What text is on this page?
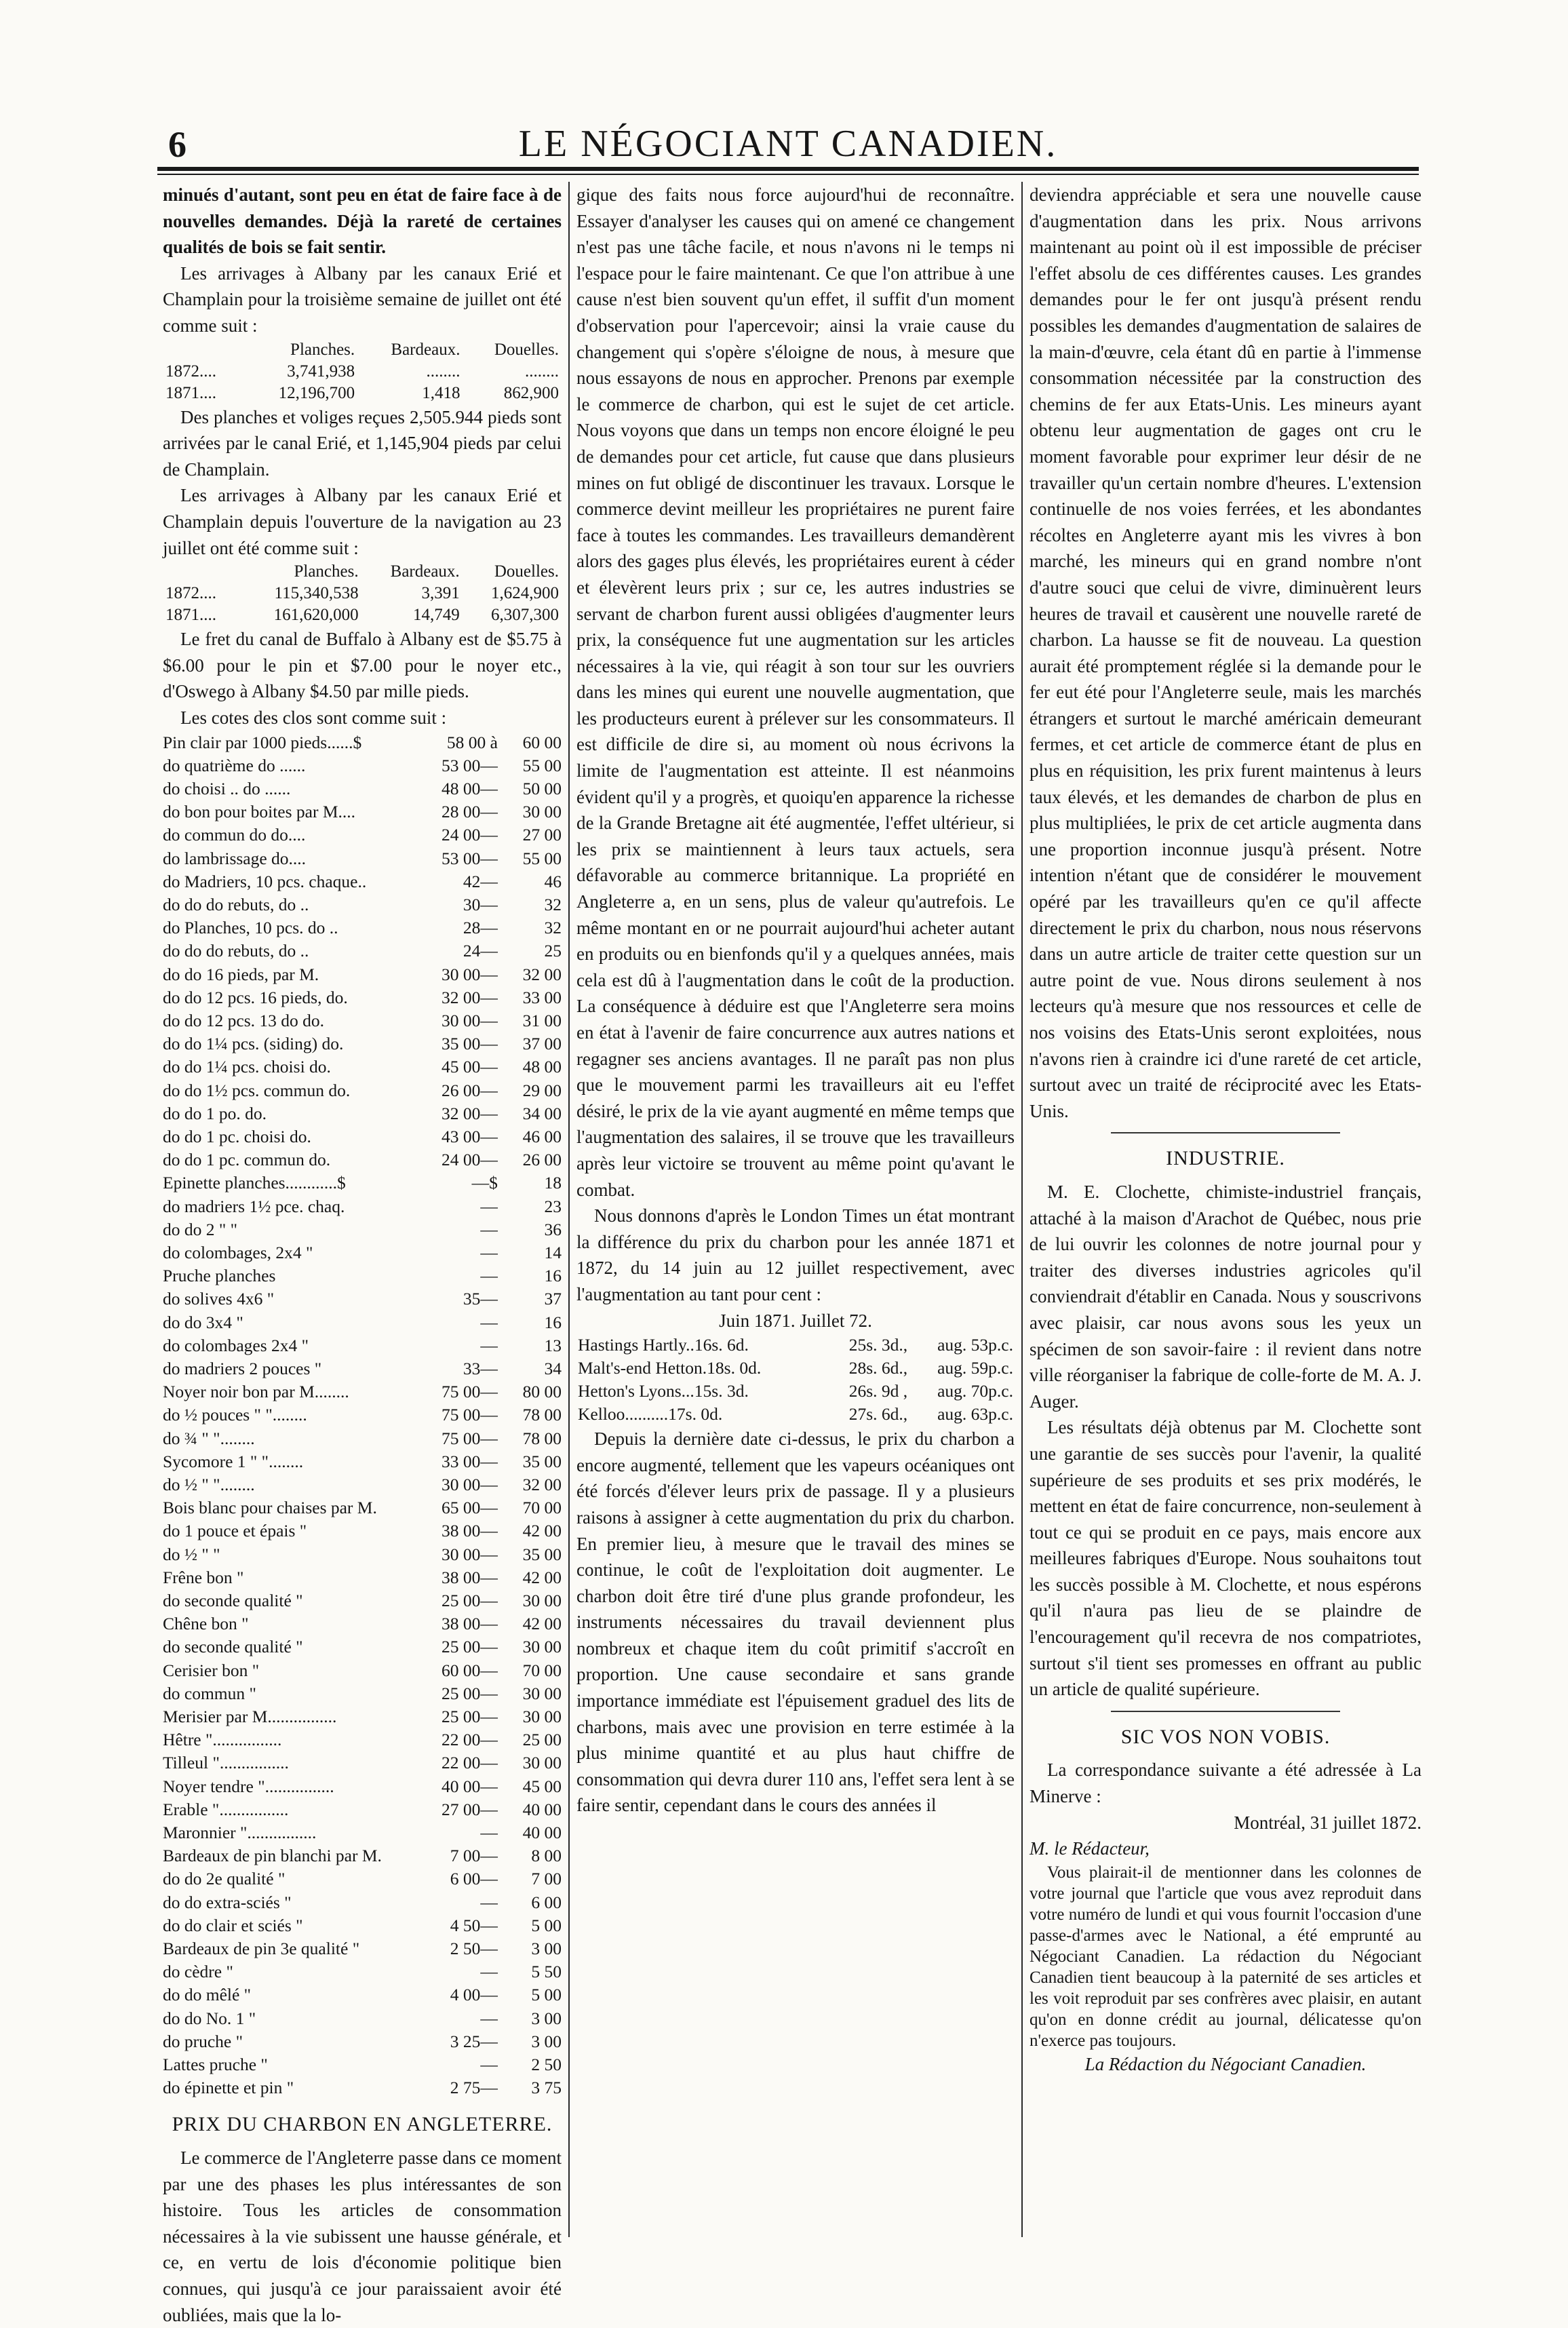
6	LE NÉGOCIANT CANADIEN.

minués d'autant, sont peu en état de faire face à de nouvelles demandes. Déjà la rareté de certaines qualités de bois se fait sentir.

Les arrivages à Albany par les canaux Erié et Champlain pour la troisième semaine de juillet ont été comme suit :

	Planches.	Bardeaux.	Douelles.
1872....	3,741,938	........	........
1871....	12,196,700	1,418	862,900

Des planches et voliges reçues 2,505.944 pieds sont arrivées par le canal Erié, et 1,145,904 pieds par celui de Champlain.

Les arrivages à Albany par les canaux Erié et Champlain depuis l'ouverture de la navigation au 23 juillet ont été comme suit :

	Planches.	Bardeaux.	Douelles.
1872....	115,340,538	3,391	1,624,900
1871....	161,620,000	14,749	6,307,300

Le fret du canal de Buffalo à Albany est de $5.75 à $6.00 pour le pin et $7.00 pour le noyer etc., d'Oswego à Albany $4.50 par mille pieds.

Les cotes des clos sont comme suit :

Pin clair par 1000 pieds......$	58 00 à	60 00
do quatrième do ......	53 00—	55 00
do choisi .. do ......	48 00—	50 00
do bon pour boites par M....	28 00—	30 00
do commun do do....	24 00—	27 00
do lambrissage do....	53 00—	55 00
do Madriers, 10 pcs. chaque..	42—	46
do do do rebuts, do ..	30—	32
do Planches, 10 pcs. do ..	28—	32
do do do rebuts, do ..	24—	25
do do 16 pieds, par M.	30 00—	32 00
do do 12 pcs. 16 pieds, do.	32 00—	33 00
do do 12 pcs. 13 do do.	30 00—	31 00
do do 1¼ pcs. (siding) do.	35 00—	37 00
do do 1¼ pcs. choisi do.	45 00—	48 00
do do 1½ pcs. commun do.	26 00—	29 00
do do 1 po. do.	32 00—	34 00
do do 1 pc. choisi do.	43 00—	46 00
do do 1 pc. commun do.	24 00—	26 00
Epinette planches............$	—$	18
do madriers 1½ pce. chaq.	—	23
do do 2 " "	—	36
do colombages, 2x4 "	—	14
Pruche planches	—	16
do solives 4x6 "	35—	37
do do 3x4 "	—	16
do colombages 2x4 "	—	13
do madriers 2 pouces "	33—	34
Noyer noir bon par M........	75 00—	80 00
do ½ pouces " "........	75 00—	78 00
do ¾ " "........	75 00—	78 00
Sycomore 1 " "........	33 00—	35 00
do ½ " "........	30 00—	32 00
Bois blanc pour chaises par M.	65 00—	70 00
do 1 pouce et épais "	38 00—	42 00
do ½ " "	30 00—	35 00
Frêne bon "	38 00—	42 00
do seconde qualité "	25 00—	30 00
Chêne bon "	38 00—	42 00
do seconde qualité "	25 00—	30 00
Cerisier bon "	60 00—	70 00
do commun "	25 00—	30 00
Merisier par M................	25 00—	30 00
Hêtre "................	22 00—	25 00
Tilleul "................	22 00—	30 00
Noyer tendre "................	40 00—	45 00
Erable "................	27 00—	40 00
Maronnier "................	—	40 00
Bardeaux de pin blanchi par M.	7 00—	8 00
do do 2e qualité "	6 00—	7 00
do do extra-sciés "	—	6 00
do do clair et sciés "	4 50—	5 00
Bardeaux de pin 3e qualité "	2 50—	3 00
do cèdre "	—	5 50
do do mêlé "	4 00—	5 00
do do No. 1 "	—	3 00
do pruche "	3 25—	3 00
Lattes pruche "	—	2 50
do épinette et pin "	2 75—	3 75
PRIX DU CHARBON EN ANGLETERRE.

Le commerce de l'Angleterre passe dans ce moment par une des phases les plus intéressantes de son histoire. Tous les articles de consommation nécessaires à la vie subissent une hausse générale, et ce, en vertu de lois d'économie politique bien connues, qui jusqu'à ce jour paraissaient avoir été oubliées, mais que la lo-

gique des faits nous force aujourd'hui de reconnaître. Essayer d'analyser les causes qui on amené ce changement n'est pas une tâche facile, et nous n'avons ni le temps ni l'espace pour le faire maintenant. Ce que l'on attribue à une cause n'est bien souvent qu'un effet, il suffit d'un moment d'observation pour l'apercevoir; ainsi la vraie cause du changement qui s'opère s'éloigne de nous, à mesure que nous essayons de nous en approcher. Prenons par exemple le commerce de charbon, qui est le sujet de cet article. Nous voyons que dans un temps non encore éloigné le peu de demandes pour cet article, fut cause que dans plusieurs mines on fut obligé de discontinuer les travaux. Lorsque le commerce devint meilleur les propriétaires ne purent faire face à toutes les commandes. Les travailleurs demandèrent alors des gages plus élevés, les propriétaires eurent à céder et élevèrent leurs prix ; sur ce, les autres industries se servant de charbon furent aussi obligées d'augmenter leurs prix, la conséquence fut une augmentation sur les articles nécessaires à la vie, qui réagit à son tour sur les ouvriers dans les mines qui eurent une nouvelle augmentation, que les producteurs eurent à prélever sur les consommateurs. Il est difficile de dire si, au moment où nous écrivons la limite de l'augmentation est atteinte. Il est néanmoins évident qu'il y a progrès, et quoiqu'en apparence la richesse de la Grande Bretagne ait été augmentée, l'effet ultérieur, si les prix se maintiennent à leurs taux actuels, sera défavorable au commerce britannique. La propriété en Angleterre a, en un sens, plus de valeur qu'autrefois. Le même montant en or ne pourrait aujourd'hui acheter autant en produits ou en bienfonds qu'il y a quelques années, mais cela est dû à l'augmentation dans le coût de la production. La conséquence à déduire est que l'Angleterre sera moins en état à l'avenir de faire concurrence aux autres nations et regagner ses anciens avantages. Il ne paraît pas non plus que le mouvement parmi les travailleurs ait eu l'effet désiré, le prix de la vie ayant augmenté en même temps que l'augmentation des salaires, il se trouve que les travailleurs après leur victoire se trouvent au même point qu'avant le combat.

Nous donnons d'après le London Times un état montrant la différence du prix du charbon pour les année 1871 et 1872, du 14 juin au 12 juillet respectivement, avec l'augmentation au tant pour cent :

Juin 1871. Juillet 72.

Hastings Hartly..16s. 6d.	25s. 3d.,	aug. 53p.c.
Malt's-end Hetton.18s. 0d.	28s. 6d.,	aug. 59p.c.
Hetton's Lyons...15s. 3d.	26s. 9d ,	aug. 70p.c.
Kelloo..........17s. 0d.	27s. 6d.,	aug. 63p.c.

Depuis la dernière date ci-dessus, le prix du charbon a encore augmenté, tellement que les vapeurs océaniques ont été forcés d'élever leurs prix de passage. Il y a plusieurs raisons à assigner à cette augmentation du prix du charbon. En premier lieu, à mesure que le travail des mines se continue, le coût de l'exploitation doit augmenter. Le charbon doit être tiré d'une plus grande profondeur, les instruments nécessaires du travail deviennent plus nombreux et chaque item du coût primitif s'accroît en proportion. Une cause secondaire et sans grande importance immédiate est l'épuisement graduel des lits de charbons, mais avec une provision en terre estimée à la plus minime quantité et au plus haut chiffre de consommation qui devra durer 110 ans, l'effet sera lent à se faire sentir, cependant dans le cours des années il

deviendra appréciable et sera une nouvelle cause d'augmentation dans les prix. Nous arrivons maintenant au point où il est impossible de préciser l'effet absolu de ces différentes causes. Les grandes demandes pour le fer ont jusqu'à présent rendu possibles les demandes d'augmentation de salaires de la main-d'œuvre, cela étant dû en partie à l'immense consommation nécessitée par la construction des chemins de fer aux Etats-Unis. Les mineurs ayant obtenu leur augmentation de gages ont cru le moment favorable pour exprimer leur désir de ne travailler qu'un certain nombre d'heures. L'extension continuelle de nos voies ferrées, et les abondantes récoltes en Angleterre ayant mis les vivres à bon marché, les mineurs qui en grand nombre n'ont d'autre souci que celui de vivre, diminuèrent leurs heures de travail et causèrent une nouvelle rareté de charbon. La hausse se fit de nouveau. La question aurait été promptement réglée si la demande pour le fer eut été pour l'Angleterre seule, mais les marchés étrangers et surtout le marché américain demeurant fermes, et cet article de commerce étant de plus en plus en réquisition, les prix furent maintenus à leurs taux élevés, et les demandes de charbon de plus en plus multipliées, le prix de cet article augmenta dans une proportion inconnue jusqu'à présent. Notre intention n'étant que de considérer le mouvement opéré par les travailleurs qu'en ce qu'il affecte directement le prix du charbon, nous nous réservons dans un autre article de traiter cette question sur un autre point de vue. Nous dirons seulement à nos lecteurs qu'à mesure que nos ressources et celle de nos voisins des Etats-Unis seront exploitées, nous n'avons rien à craindre ici d'une rareté de cet article, surtout avec un traité de réciprocité avec les Etats-Unis.

INDUSTRIE.

M. E. Clochette, chimiste-industriel français, attaché à la maison d'Arachot de Québec, nous prie de lui ouvrir les colonnes de notre journal pour y traiter des diverses industries agricoles qu'il conviendrait d'établir en Canada. Nous y souscrivons avec plaisir, car nous avons sous les yeux un spécimen de son savoir-faire : il revient dans notre ville réorganiser la fabrique de colle-forte de M. A. J. Auger.

Les résultats déjà obtenus par M. Clochette sont une garantie de ses succès pour l'avenir, la qualité supérieure de ses produits et ses prix modérés, le mettent en état de faire concurrence, non-seulement à tout ce qui se produit en ce pays, mais encore aux meilleures fabriques d'Europe. Nous souhaitons tout les succès possible à M. Clochette, et nous espérons qu'il n'aura pas lieu de se plaindre de l'encouragement qu'il recevra de nos compatriotes, surtout s'il tient ses promesses en offrant au public un article de qualité supérieure.

SIC VOS NON VOBIS.

La correspondance suivante a été adressée à La Minerve :

Montréal, 31 juillet 1872.

M. le Rédacteur,

Vous plairait-il de mentionner dans les colonnes de votre journal que l'article que vous avez reproduit dans votre numéro de lundi et qui vous fournit l'occasion d'une passe-d'armes avec le National, a été emprunté au Négociant Canadien. La rédaction du Négociant Canadien tient beaucoup à la paternité de ses articles et les voit reproduit par ses confrères avec plaisir, en autant qu'on en donne crédit au journal, délicatesse qu'on n'exerce pas toujours.

La Rédaction du Négociant Canadien.
